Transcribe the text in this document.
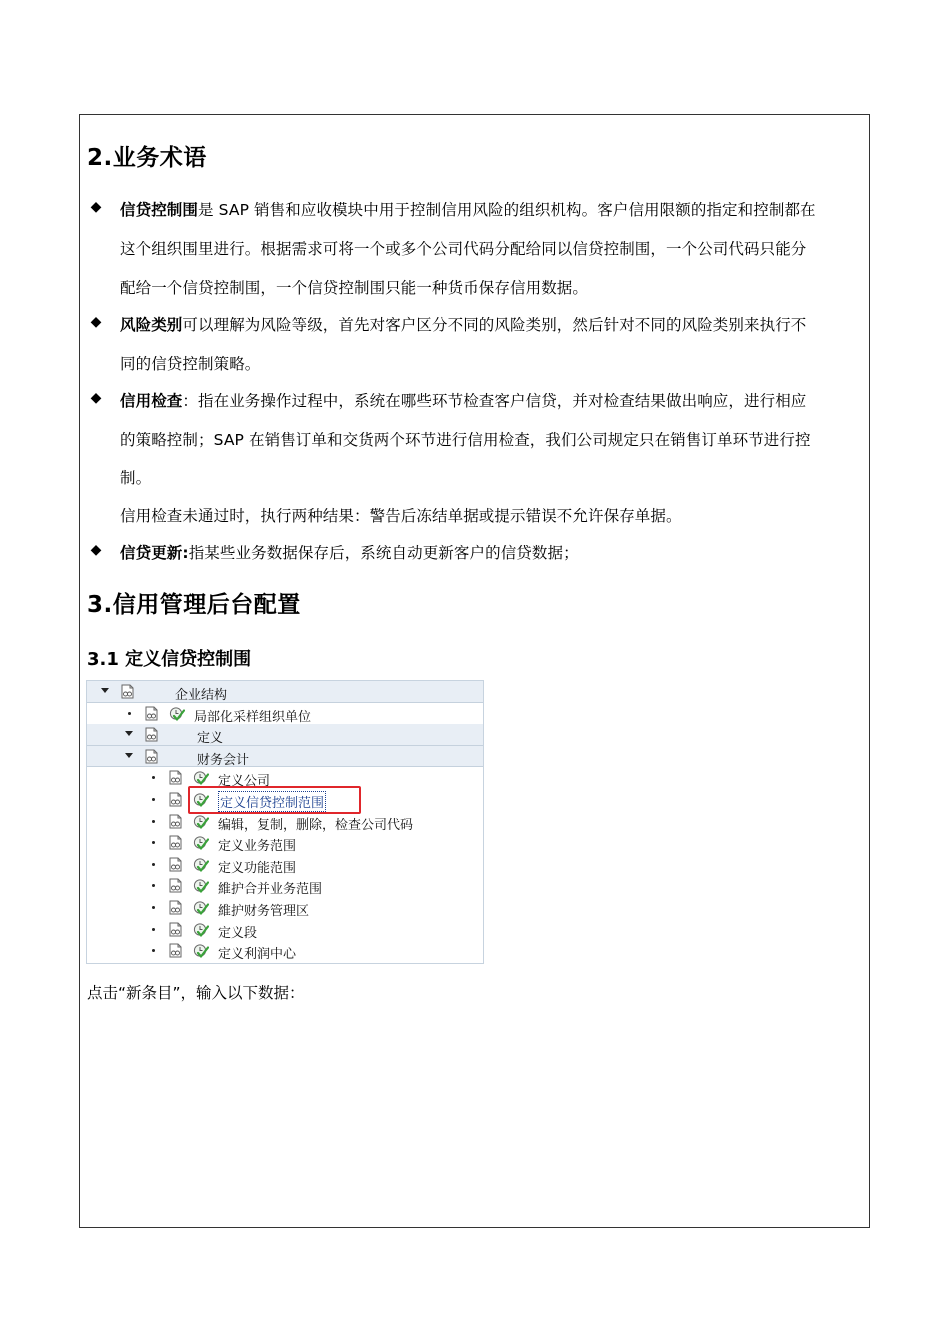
2.业务术语
◆ 信贷控制围是 SAP 销售和应收模块中用于控制信用风险的组织机构。客户信用限额的指定和控制都在
这个组织围里进行。根据需求可将一个或多个公司代码分配给同以信贷控制围，一个公司代码只能分
配给一个信贷控制围，一个信贷控制围只能一种货币保存信用数据。
◆ 风险类别可以理解为风险等级，首先对客户区分不同的风险类别，然后针对不同的风险类别来执行不
同的信贷控制策略。
◆ 信用检查：指在业务操作过程中，系统在哪些环节检查客户信贷，并对检查结果做出响应，进行相应
的策略控制；SAP 在销售订单和交货两个环节进行信用检查，我们公司规定只在销售订单环节进行控
制。
信用检查未通过时，执行两种结果：警告后冻结单据或提示错误不允许保存单据。
◆ 信贷更新:指某些业务数据保存后，系统自动更新客户的信贷数据；
3.信用管理后台配置
3.1 定义信贷控制围
企业结构
局部化采样组织单位
定义
财务会计
定义公司
定义信贷控制范围
编辑，复制，删除，检查公司代码
定义业务范围
定义功能范围
維护合并业务范围
維护财务管理区
定义段
定义利润中心
点击“新条目”，输入以下数据：
